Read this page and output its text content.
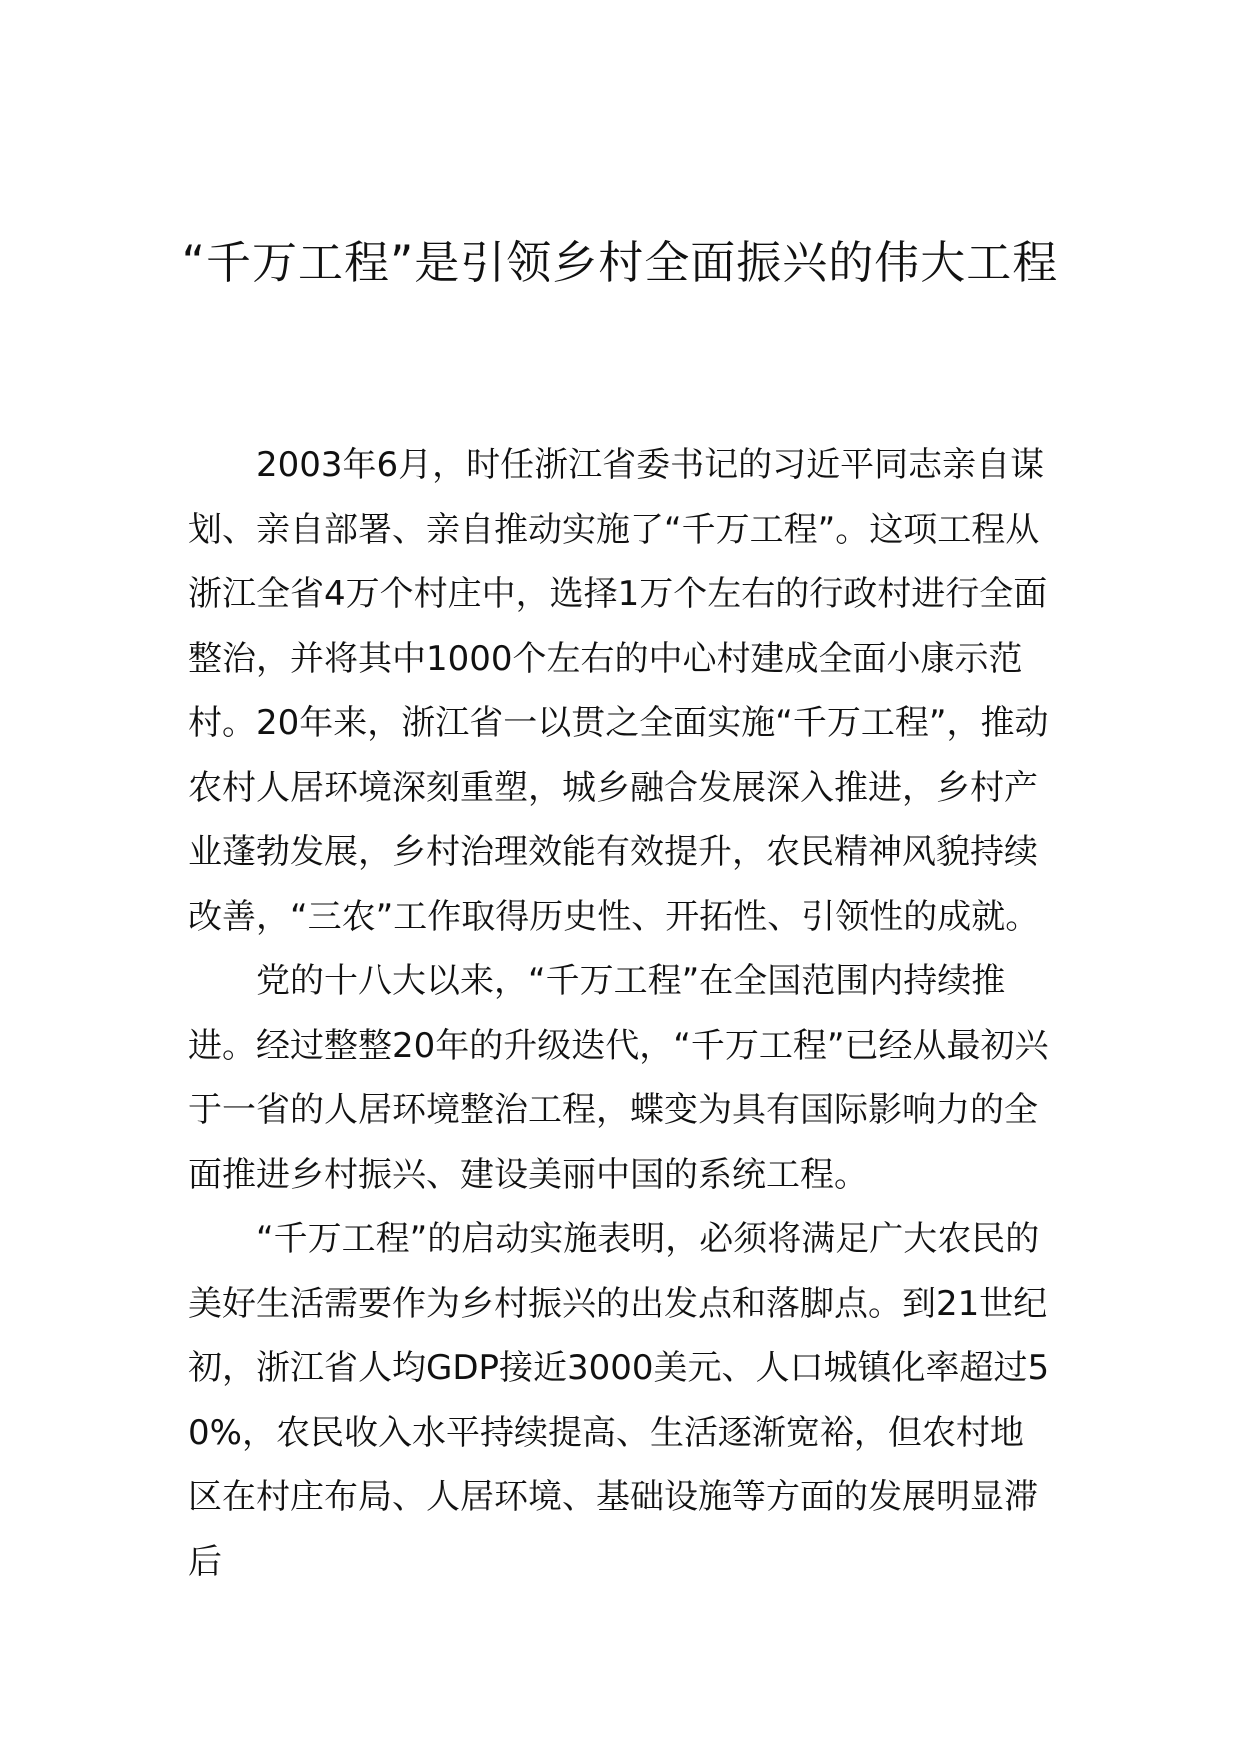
“千万工程”是引领乡村全面振兴的伟大工程

2003年6月，时任浙江省委书记的习近平同志亲自谋划、亲自部署、亲自推动实施了“千万工程”。这项工程从浙江全省4万个村庄中，选择1万个左右的行政村进行全面整治，并将其中1000个左右的中心村建成全面小康示范村。20年来，浙江省一以贯之全面实施“千万工程”，推动农村人居环境深刻重塑，城乡融合发展深入推进，乡村产业蓬勃发展，乡村治理效能有效提升，农民精神风貌持续改善，“三农”工作取得历史性、开拓性、引领性的成就。

党的十八大以来，“千万工程”在全国范围内持续推进。经过整整20年的升级迭代，“千万工程”已经从最初兴于一省的人居环境整治工程，蝶变为具有国际影响力的全面推进乡村振兴、建设美丽中国的系统工程。

“千万工程”的启动实施表明，必须将满足广大农民的美好生活需要作为乡村振兴的出发点和落脚点。到21世纪初，浙江省人均GDP接近3000美元、人口城镇化率超过50%，农民收入水平持续提高、生活逐渐宽裕，但农村地区在村庄布局、人居环境、基础设施等方面的发展明显滞后
